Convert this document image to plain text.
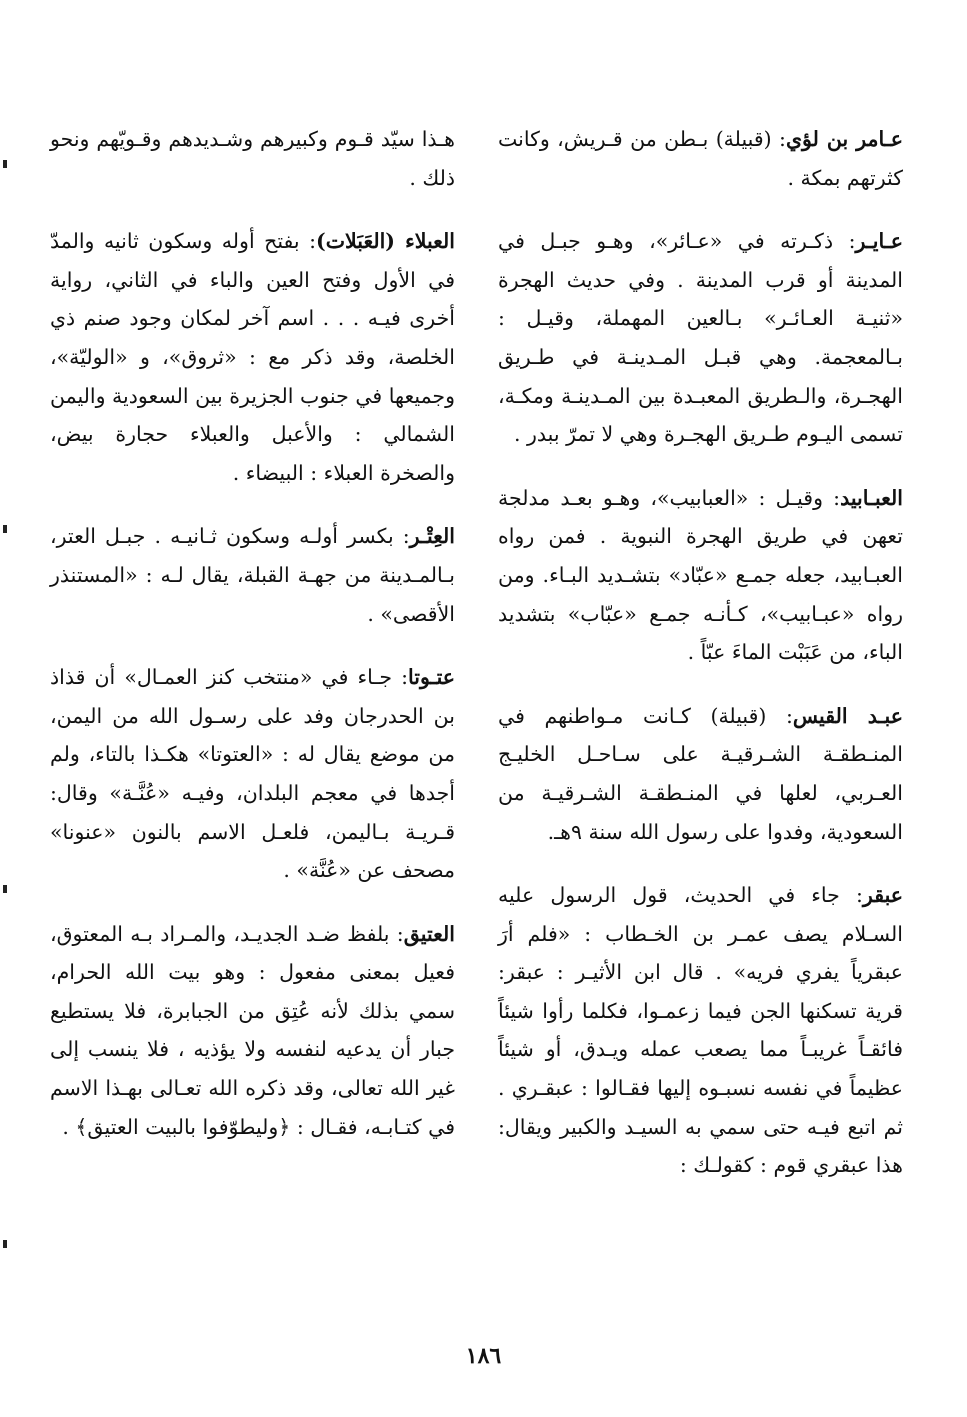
عـامر بن لؤي: (قبيلة) بـطن من قـريش، وكانت كثرتهم بمكة .

عـايـر: ذكـرته في «عـائر»، وهـو جبـل في المدينة أو قرب المدينة . وفي حديث الهجرة «ثنيـة العـائـر» بـالعين المهملة، وقيـل : بـالمعجمة. وهي قبـل المـدينـة في طـريق الهجـرة، والـطريق المعبـدة بين المـدينـة ومكـة، تسمى اليـوم طـريق الهجـرة وهي لا تمرّ ببدر .

العبـابيد: وقيـل : «العبابيب»، وهـو بعـد مدلجة تعهن في طريق الهجرة النبوية . فمن رواه العبـابيد، جعله جمـع «عبّاد» بتشـديد البـاء. ومن رواه «عبـابيب»، كـأنـه جمـع «عبّاب» بتشديد الباء، من عَبَبْت الماءَ عبّاً .

عبـد القيس: (قبيلة) كـانت مـواطنهم في المنـطقـة الشـرقيـة على سـاحـل الخليـج العـربي، لعلها في المنـطقـة الشـرقيـة من السعودية، وفدوا على رسول الله سنة ٩هـ.

عبقر: جاء في الحديث، قول الرسول عليه السـلام يصف عمـر بن الخـطاب : «فلم أرَ عبقرياً يفري فريه» . قال ابن الأثيـر : عبقر: قرية تسكنها الجن فيما زعمـوا، فكلما رأوا شيئاً فائقـاً غريبـاً مما يصعب عمله ويـدق، أو شيئاً عظيماً في نفسه نسبـوه إليها فقـالوا : عبقـري . ثم اتبع فيـه حتى سمي به السيـد والكبير ويقال: هذا عبقري قوم : كقولـك :

هـذا سيّد قـوم وكبيرهم وشـديدهم وقـويّهم ونحو ذلك .

العبلاء (العَبَلات): بفتح أوله وسكون ثانيه والمدّ في الأول وفتح العين والباء في الثاني، رواية أخرى فيـه . . . اسم آخر لمكان وجود صنم ذي الخلصة، وقد ذكر مع : «ثروق»، و «الوليّة»، وجميعها في جنوب الجزيرة بين السعودية واليمن الشمالي : والأعبل والعبلاء حجارة بيض، والصخرة العبلاء : البيضاء .

العِتْـر: بكسر أولـه وسكون ثـانيـه . جبـل العتر، بـالمـدينة من جهـة القبلة، يقال لـه : «المستنذر الأقصى» .

عتـوتا: جـاء في «منتخب كنز العمـال» أن قذاذ بن الحدرجان وفد على رسـول الله من اليمن، من موضع يقال له : «العتوتا» هكـذا بالتاء، ولم أجدها في معجم البلدان، وفيـه «عُنَّـة» وقال: قـريـة بـاليمن، فلعـل الاسم بالنون «عنونا» مصحف عن «عُنَّة» .

العتيق: بلفظ ضـد الجديـد، والمـراد بـه المعتوق، فعيل بمعنى مفعول : وهو بيت الله الحرام، سمي بذلك لأنه عُتِق من الجبابرة، فلا يستطيع جبار أن يدعيه لنفسه ولا يؤذيه ، فلا ينسب إلى غير الله تعالى، وقد ذكره الله تعـالى بهـذا الاسم في كتـابـه، فقـال : ﴿وليطوّفوا بالبيت العتيق﴾ .

١٨٦
